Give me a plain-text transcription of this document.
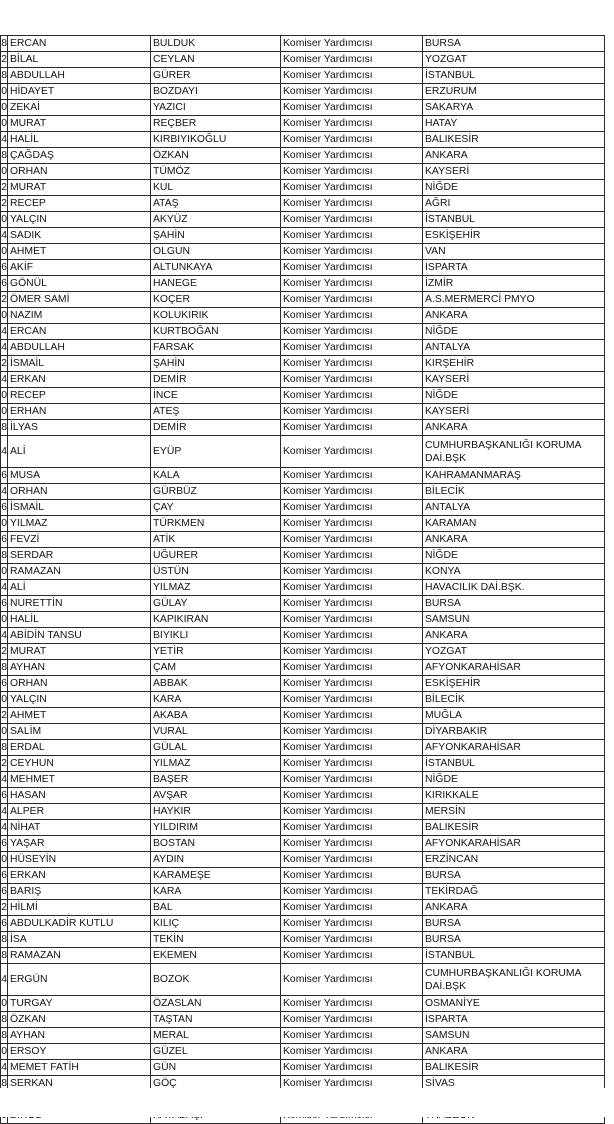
8	ERCAN	BULDUK	Komiser Yardımcısı	BURSA
2	BİLAL	CEYLAN	Komiser Yardımcısı	YOZGAT
8	ABDULLAH	GÜRER	Komiser Yardımcısı	İSTANBUL
0	HİDAYET	BOZDAYI	Komiser Yardımcısı	ERZURUM
0	ZEKAİ	YAZICI	Komiser Yardımcısı	SAKARYA
0	MURAT	REÇBER	Komiser Yardımcısı	HATAY
4	HALİL	KIRBIYIKOĞLU	Komiser Yardımcısı	BALIKESİR
8	ÇAĞDAŞ	ÖZKAN	Komiser Yardımcısı	ANKARA
0	ORHAN	TÜMÖZ	Komiser Yardımcısı	KAYSERİ
2	MURAT	KUL	Komiser Yardımcısı	NİĞDE
2	RECEP	ATAŞ	Komiser Yardımcısı	AĞRI
0	YALÇIN	AKYÜZ	Komiser Yardımcısı	İSTANBUL
4	SADIK	ŞAHİN	Komiser Yardımcısı	ESKİŞEHİR
0	AHMET	OLGUN	Komiser Yardımcısı	VAN
6	AKİF	ALTUNKAYA	Komiser Yardımcısı	ISPARTA
6	GÖNÜL	HANEGE	Komiser Yardımcısı	İZMİR
2	ÖMER SAMİ	KOÇER	Komiser Yardımcısı	A.S.MERMERCİ PMYO
0	NAZIM	KOLUKIRIK	Komiser Yardımcısı	ANKARA
4	ERCAN	KURTBOĞAN	Komiser Yardımcısı	NİĞDE
4	ABDULLAH	FARSAK	Komiser Yardımcısı	ANTALYA
2	İSMAİL	ŞAHİN	Komiser Yardımcısı	KIRŞEHİR
4	ERKAN	DEMİR	Komiser Yardımcısı	KAYSERİ
0	RECEP	İNCE	Komiser Yardımcısı	NİĞDE
0	ERHAN	ATEŞ	Komiser Yardımcısı	KAYSERİ
8	İLYAS	DEMİR	Komiser Yardımcısı	ANKARA
4	ALİ	EYÜP	Komiser Yardımcısı	CUMHURBAŞKANLIĞI KORUMA DAİ.BŞK
6	MUSA	KALA	Komiser Yardımcısı	KAHRAMANMARAŞ
4	ORHAN	GÜRBÜZ	Komiser Yardımcısı	BİLECİK
6	İSMAİL	ÇAY	Komiser Yardımcısı	ANTALYA
0	YILMAZ	TÜRKMEN	Komiser Yardımcısı	KARAMAN
6	FEVZİ	ATİK	Komiser Yardımcısı	ANKARA
8	SERDAR	UĞURER	Komiser Yardımcısı	NİĞDE
0	RAMAZAN	ÜSTÜN	Komiser Yardımcısı	KONYA
4	ALİ	YILMAZ	Komiser Yardımcısı	HAVACILIK DAİ.BŞK.
6	NURETTİN	GÜLAY	Komiser Yardımcısı	BURSA
0	HALİL	KAPIKIRAN	Komiser Yardımcısı	SAMSUN
4	ABİDİN TANSU	BIYIKLI	Komiser Yardımcısı	ANKARA
2	MURAT	YETİR	Komiser Yardımcısı	YOZGAT
8	AYHAN	ÇAM	Komiser Yardımcısı	AFYONKARAHİSAR
6	ORHAN	ABBAK	Komiser Yardımcısı	ESKİŞEHİR
0	YALÇIN	KARA	Komiser Yardımcısı	BİLECİK
2	AHMET	AKABA	Komiser Yardımcısı	MUĞLA
0	SALİM	VURAL	Komiser Yardımcısı	DİYARBAKIR
8	ERDAL	GÜLAL	Komiser Yardımcısı	AFYONKARAHİSAR
2	CEYHUN	YILMAZ	Komiser Yardımcısı	İSTANBUL
4	MEHMET	BAŞER	Komiser Yardımcısı	NİĞDE
6	HASAN	AVŞAR	Komiser Yardımcısı	KIRIKKALE
4	ALPER	HAYKIR	Komiser Yardımcısı	MERSİN
4	NİHAT	YILDIRIM	Komiser Yardımcısı	BALIKESİR
6	YAŞAR	BOSTAN	Komiser Yardımcısı	AFYONKARAHİSAR
0	HÜSEYİN	AYDIN	Komiser Yardımcısı	ERZİNCAN
6	ERKAN	KARAMEŞE	Komiser Yardımcısı	BURSA
6	BARIŞ	KARA	Komiser Yardımcısı	TEKİRDAĞ
2	HİLMİ	BAL	Komiser Yardımcısı	ANKARA
6	ABDULKADİR KUTLU	KILIÇ	Komiser Yardımcısı	BURSA
8	İSA	TEKİN	Komiser Yardımcısı	BURSA
8	RAMAZAN	EKEMEN	Komiser Yardımcısı	İSTANBUL
4	ERGÜN	BOZOK	Komiser Yardımcısı	CUMHURBAŞKANLIĞI KORUMA DAİ.BŞK
0	TURGAY	ÖZASLAN	Komiser Yardımcısı	OSMANİYE
8	ÖZKAN	TAŞTAN	Komiser Yardımcısı	ISPARTA
8	AYHAN	MERAL	Komiser Yardımcısı	SAMSUN
0	ERSOY	GÜZEL	Komiser Yardımcısı	ANKARA
4	MEMET FATİH	GÜN	Komiser Yardımcısı	BALIKESİR
8	SERKAN	GÖÇ	Komiser Yardımcısı	SİVAS
